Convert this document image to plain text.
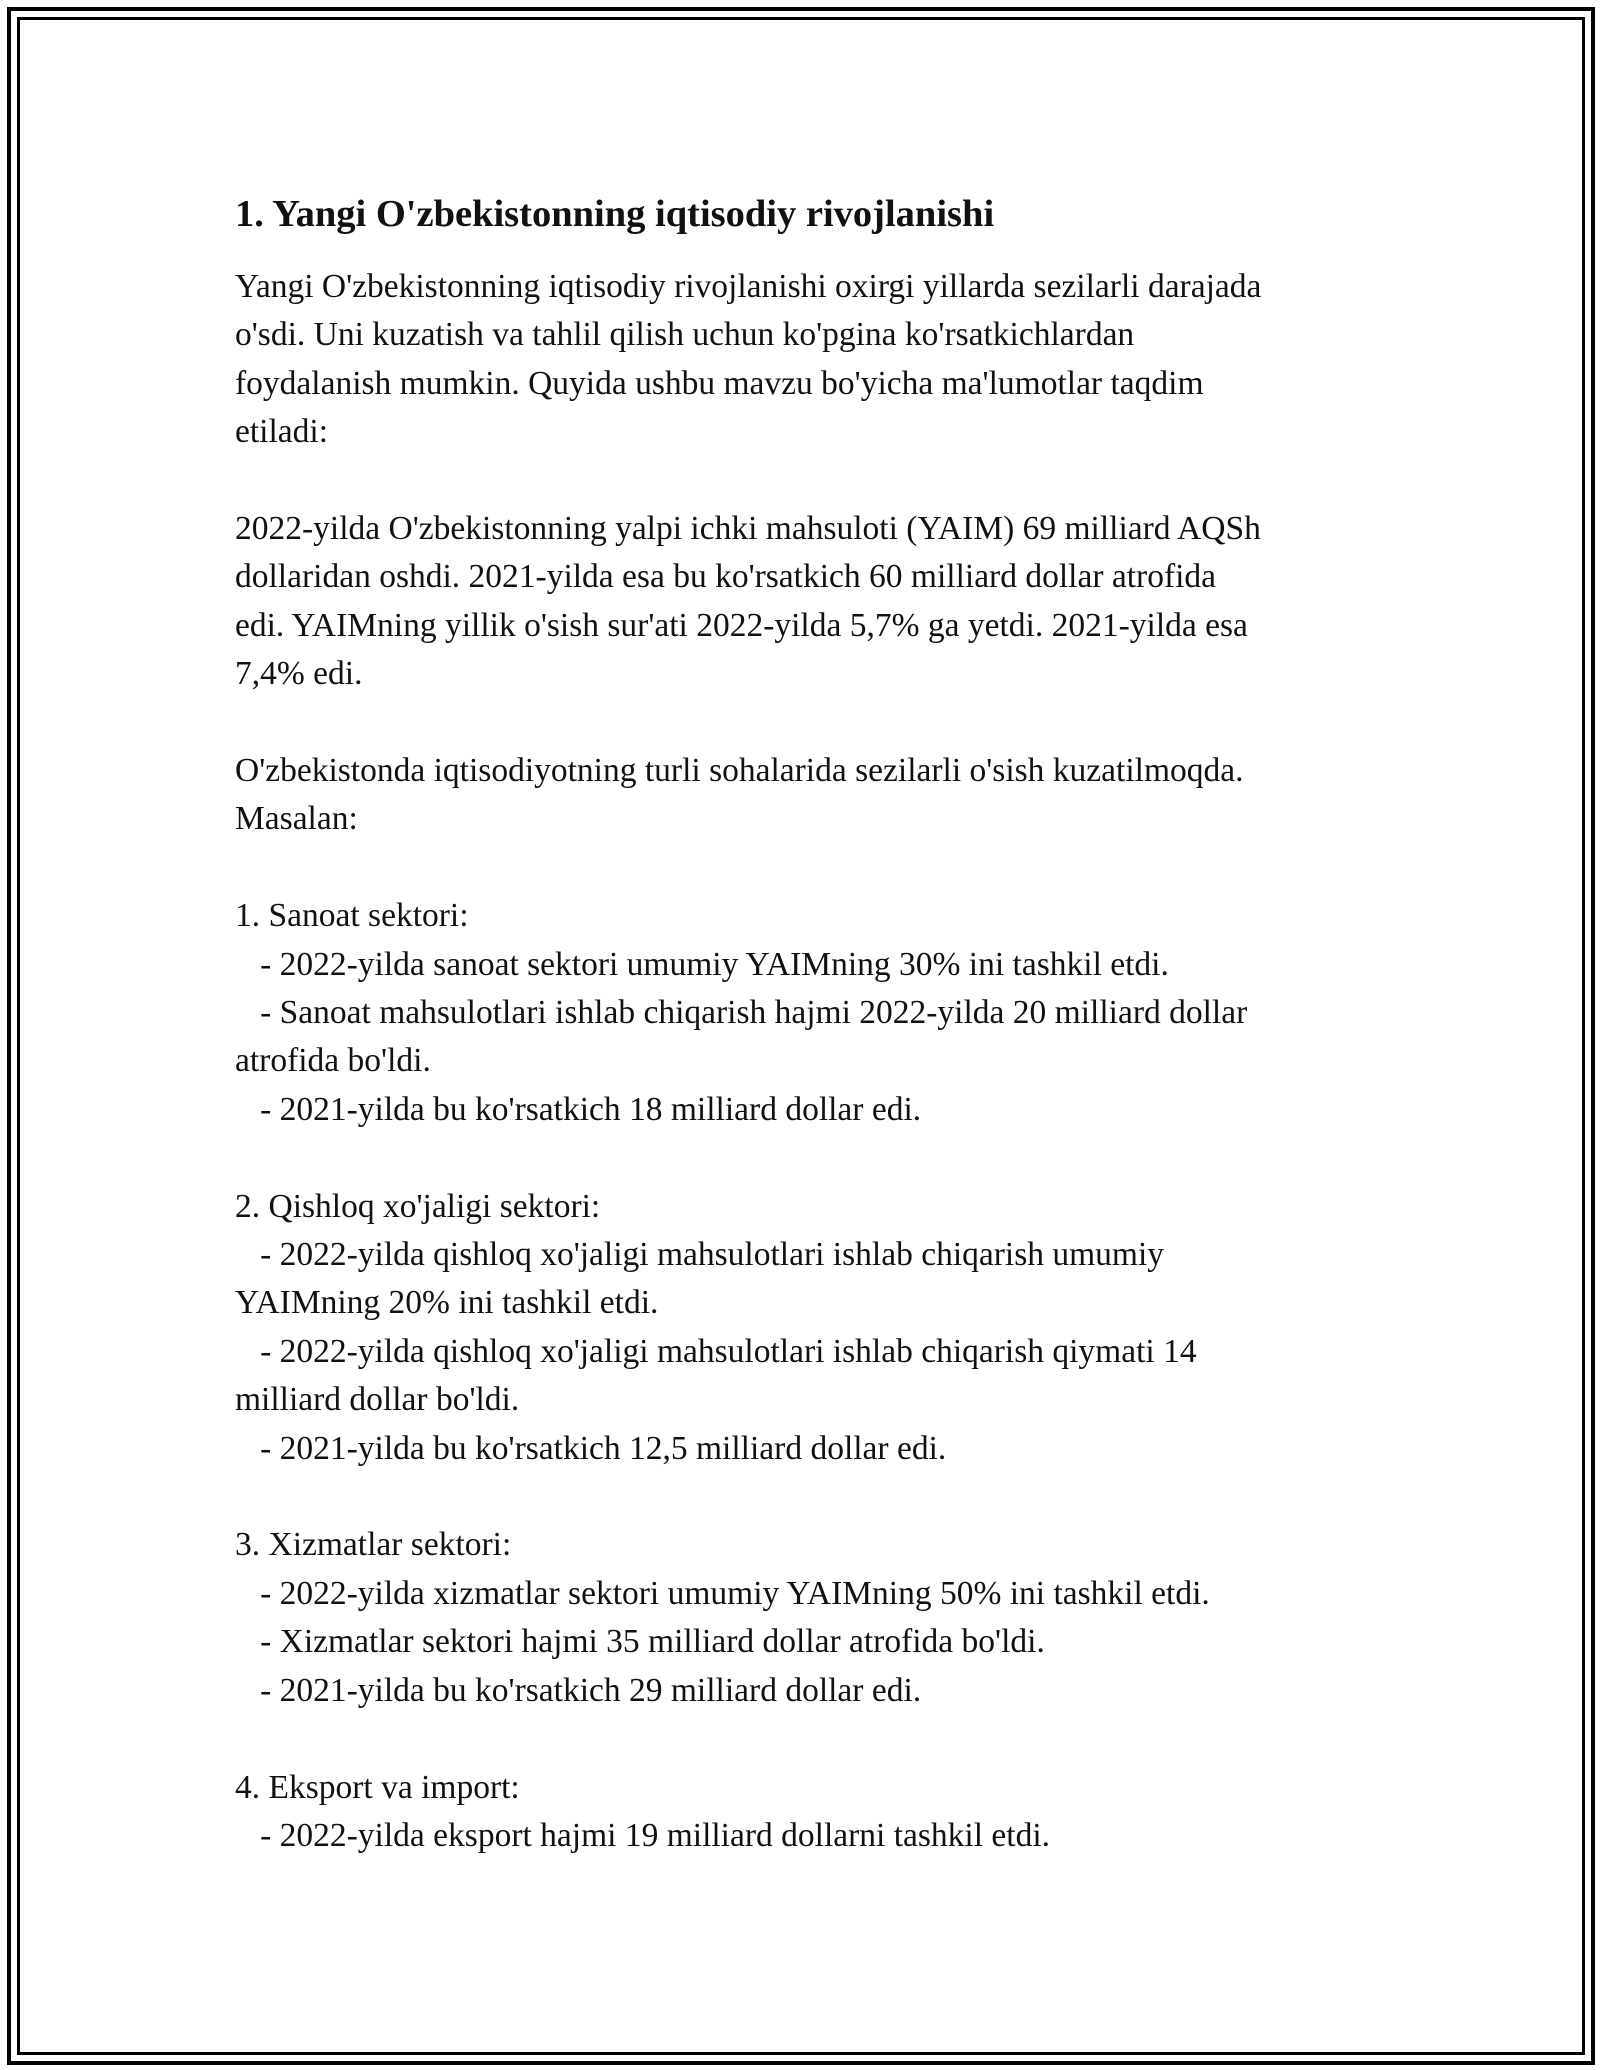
1. Yangi O'zbekistonning iqtisodiy rivojlanishi
Yangi O'zbekistonning iqtisodiy rivojlanishi oxirgi yillarda sezilarli darajada
o'sdi. Uni kuzatish va tahlil qilish uchun ko'pgina ko'rsatkichlardan
foydalanish mumkin. Quyida ushbu mavzu bo'yicha ma'lumotlar taqdim
etiladi:
2022-yilda O'zbekistonning yalpi ichki mahsuloti (YAIM) 69 milliard AQSh
dollaridan oshdi. 2021-yilda esa bu ko'rsatkich 60 milliard dollar atrofida
edi. YAIMning yillik o'sish sur'ati 2022-yilda 5,7% ga yetdi. 2021-yilda esa
7,4% edi.
O'zbekistonda iqtisodiyotning turli sohalarida sezilarli o'sish kuzatilmoqda.
Masalan:
1. Sanoat sektori:
- 2022-yilda sanoat sektori umumiy YAIMning 30% ini tashkil etdi.
- Sanoat mahsulotlari ishlab chiqarish hajmi 2022-yilda 20 milliard dollar
atrofida bo'ldi.
- 2021-yilda bu ko'rsatkich 18 milliard dollar edi.
2. Qishloq xo'jaligi sektori:
- 2022-yilda qishloq xo'jaligi mahsulotlari ishlab chiqarish umumiy
YAIMning 20% ini tashkil etdi.
- 2022-yilda qishloq xo'jaligi mahsulotlari ishlab chiqarish qiymati 14
milliard dollar bo'ldi.
- 2021-yilda bu ko'rsatkich 12,5 milliard dollar edi.
3. Xizmatlar sektori:
- 2022-yilda xizmatlar sektori umumiy YAIMning 50% ini tashkil etdi.
- Xizmatlar sektori hajmi 35 milliard dollar atrofida bo'ldi.
- 2021-yilda bu ko'rsatkich 29 milliard dollar edi.
4. Eksport va import:
- 2022-yilda eksport hajmi 19 milliard dollarni tashkil etdi.
